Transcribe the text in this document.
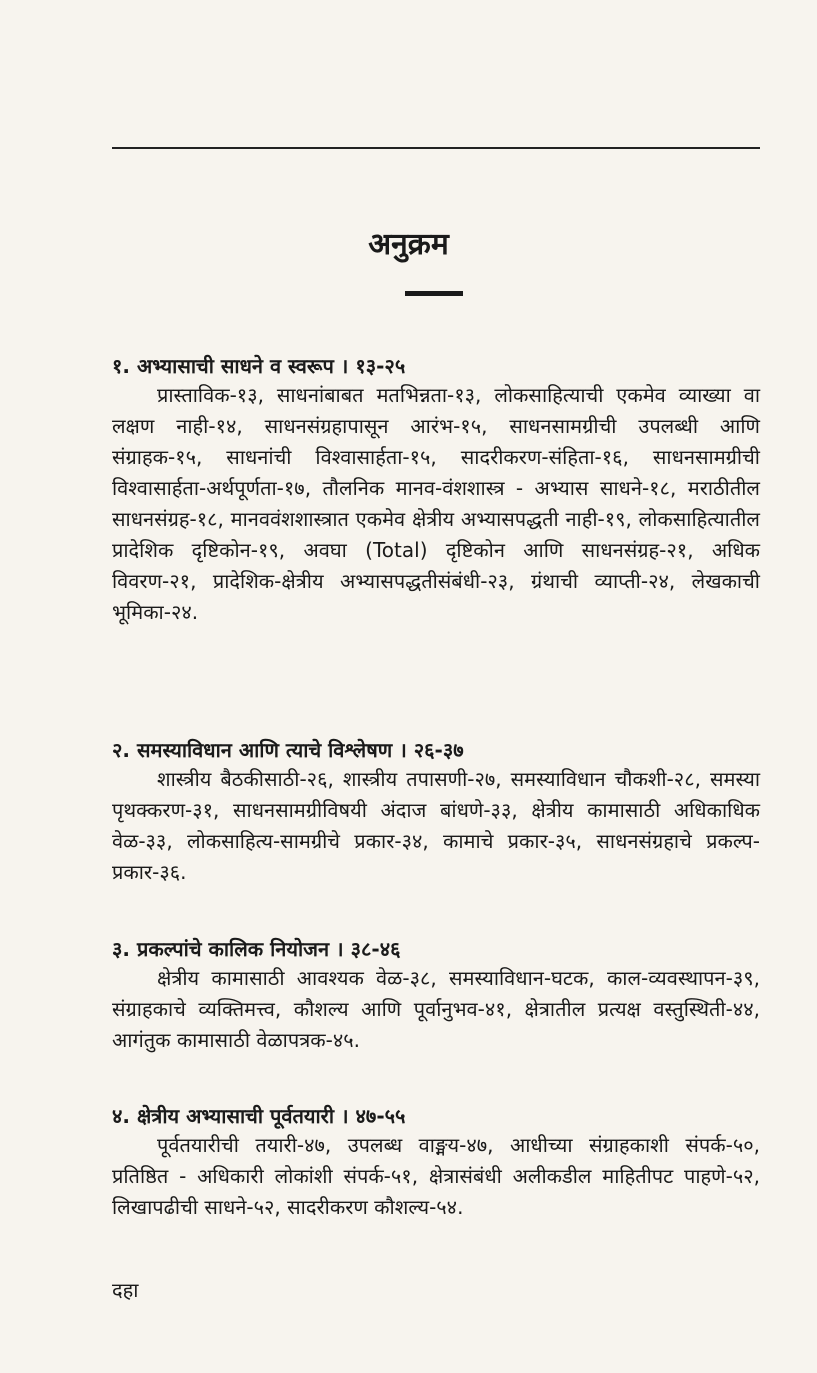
अनुक्रम

१. अभ्यासाची साधने व स्वरूप । १३-२५

प्रास्ताविक-१३, साधनांबाबत मतभिन्नता-१३, लोकसाहित्याची एकमेव व्याख्या वा लक्षण नाही-१४, साधनसंग्रहापासून आरंभ-१५, साधनसामग्रीची उपलब्धी आणि संग्राहक-१५, साधनांची विश्वासार्हता-१५, सादरीकरण-संहिता-१६, साधनसामग्रीची विश्वासार्हता-अर्थपूर्णता-१७, तौलनिक मानव-वंशशास्त्र - अभ्यास साधने-१८, मराठीतील साधनसंग्रह-१८, मानववंशशास्त्रात एकमेव क्षेत्रीय अभ्यासपद्धती नाही-१९, लोकसाहित्यातील प्रादेशिक दृष्टिकोन-१९, अवघा (Total) दृष्टिकोन आणि साधनसंग्रह-२१, अधिक विवरण-२१, प्रादेशिक-क्षेत्रीय अभ्यासपद्धतीसंबंधी-२३, ग्रंथाची व्याप्ती-२४, लेखकाची भूमिका-२४.

२. समस्याविधान आणि त्याचे विश्लेषण । २६-३७

शास्त्रीय बैठकीसाठी-२६, शास्त्रीय तपासणी-२७, समस्याविधान चौकशी-२८, समस्या पृथक्करण-३१, साधनसामग्रीविषयी अंदाज बांधणे-३३, क्षेत्रीय कामासाठी अधिकाधिक वेळ-३३, लोकसाहित्य-सामग्रीचे प्रकार-३४, कामाचे प्रकार-३५, साधनसंग्रहाचे प्रकल्प-प्रकार-३६.

३. प्रकल्पांचे कालिक नियोजन । ३८-४६

क्षेत्रीय कामासाठी आवश्यक वेळ-३८, समस्याविधान-घटक, काल-व्यवस्थापन-३९, संग्राहकाचे व्यक्तिमत्त्व, कौशल्य आणि पूर्वानुभव-४१, क्षेत्रातील प्रत्यक्ष वस्तुस्थिती-४४, आगंतुक कामासाठी वेळापत्रक-४५.

४. क्षेत्रीय अभ्यासाची पूर्वतयारी । ४७-५५

पूर्वतयारीची तयारी-४७, उपलब्ध वाङ्मय-४७, आधीच्या संग्राहकाशी संपर्क-५०, प्रतिष्ठित - अधिकारी लोकांशी संपर्क-५१, क्षेत्रासंबंधी अलीकडील माहितीपट पाहणे-५२, लिखापढीची साधने-५२, सादरीकरण कौशल्य-५४.

दहा
